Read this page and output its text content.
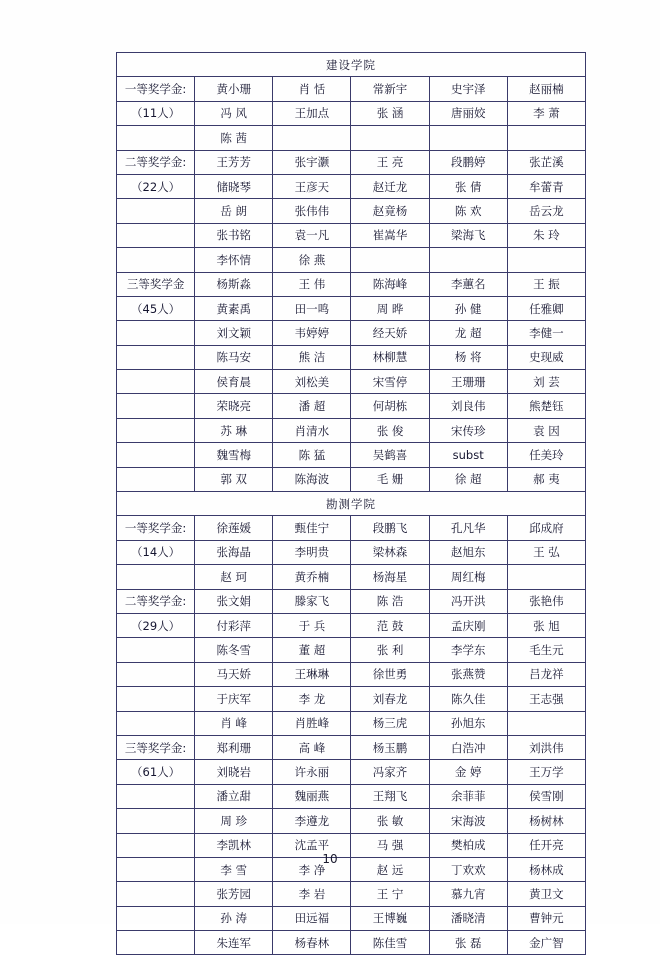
建设学院					
一等奖学金:	黄小珊	肖 恬	常新宇	史宇泽	赵丽楠
（11人）	冯 风	王加点	张 涵	唐丽姣	李 萧
	陈 茜				
二等奖学金:	王芳芳	张宇灏	王 亮	段鹏婷	张芷溪
（22人）	储晓琴	王彦天	赵迁龙	张 倩	牟蕾青
	岳 朗	张伟伟	赵竟杨	陈 欢	岳云龙
	张书铭	袁一凡	崔嵩华	梁海飞	朱 玲
	李怀情	徐 燕			
三等奖学金	杨斯淼	王 伟	陈海峰	李蕙名	王 振
（45人）	黄素禹	田一鸣	周 晔	孙 健	任雅卿
	刘文颖	韦婷婷	经天娇	龙 超	李健一
	陈马安	熊 洁	林柳慧	杨 将	史现威
	侯育晨	刘松美	宋雪停	王珊珊	刘 芸
	荣晓亮	潘 超	何胡栋	刘良伟	熊楚钰
	苏 琳	肖清水	张 俊	宋传珍	袁 因
	魏雪梅	陈 猛	吴鹤喜	subst	任美玲
	郭 双	陈海波	毛 姗	徐 超	郝 夷
勘测学院					
一等奖学金:	徐莲媛	甄佳宁	段鹏飞	孔凡华	邱成府
（14人）	张海晶	李明贵	梁林森	赵旭东	王 弘
	赵 珂	黄乔楠	杨海星	周红梅	
二等奖学金:	张文娟	滕家飞	陈 浩	冯开洪	张艳伟
（29人）	付彩萍	于 兵	范 鼓	孟庆刚	张 旭
	陈冬雪	董 超	张 利	李学东	毛生元
	马天娇	王琳琳	徐世勇	张燕赞	吕龙祥
	于庆军	李 龙	刘春龙	陈久佳	王志强
	肖 峰	肖胜峰	杨三虎	孙旭东	
三等奖学金:	郑利珊	高 峰	杨玉鹏	白浩冲	刘洪伟
（61人）	刘晓岩	许永丽	冯家齐	金 婷	王万学
	潘立甜	魏丽燕	王翔飞	余菲菲	侯雪刚
	周 珍	李遵龙	张 敏	宋海波	杨树林
	李凯林	沈孟平	马 强	樊柏成	任开亮
	李 雪	李 净	赵 远	丁欢欢	杨林成
	张芳园	李 岩	王 宁	慕九宵	黄卫文
	孙 涛	田远福	王博巍	潘晓清	曹钟元
	朱连军	杨春林	陈佳雪	张 磊	金广智
10
